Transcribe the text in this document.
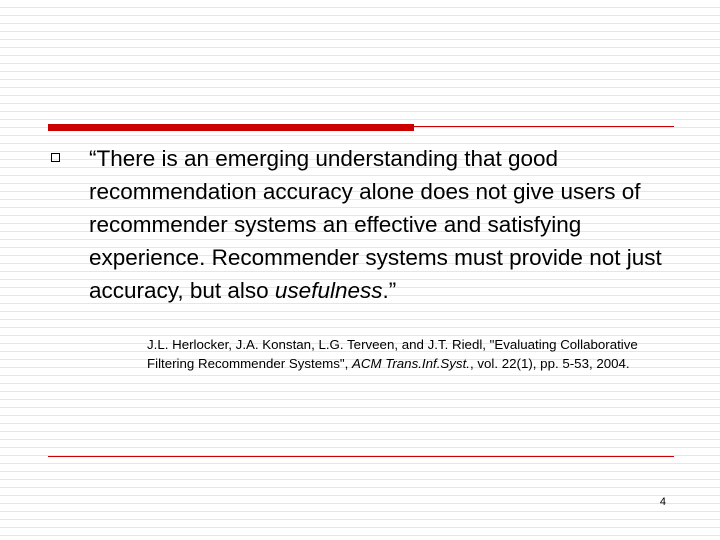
“There is an emerging understanding that good recommendation accuracy alone does not give users of recommender systems an effective and satisfying experience. Recommender systems must provide not just accuracy, but also usefulness.”

J.L. Herlocker, J.A. Konstan, L.G. Terveen, and J.T. Riedl, "Evaluating Collaborative Filtering Recommender Systems", ACM Trans.Inf.Syst., vol. 22(1), pp. 5-53, 2004.

4
